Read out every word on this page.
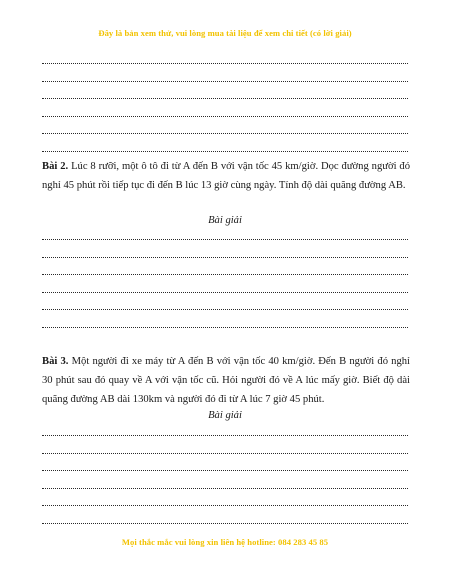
Đây là bản xem thử, vui lòng mua tài liệu để xem chi tiết (có lời giải)
Bài 2. Lúc 8 rưỡi, một ô tô đi từ A đến B với vận tốc 45 km/giờ. Dọc đường người đó nghỉ 45 phút rồi tiếp tục đi đến B lúc 13 giờ cùng ngày. Tính độ dài quãng đường AB.
Bài giải
Bài 3. Một người đi xe máy từ A đến B với vận tốc 40 km/giờ. Đến B người đó nghỉ 30 phút sau đó quay về A với vận tốc cũ. Hỏi người đó về A lúc mấy giờ. Biết độ dài quãng đường AB dài 130km và người đó đi từ A lúc 7 giờ 45 phút.
Bài giải
Mọi thắc mắc vui lòng xin liên hệ hotline: 084 283 45 85
